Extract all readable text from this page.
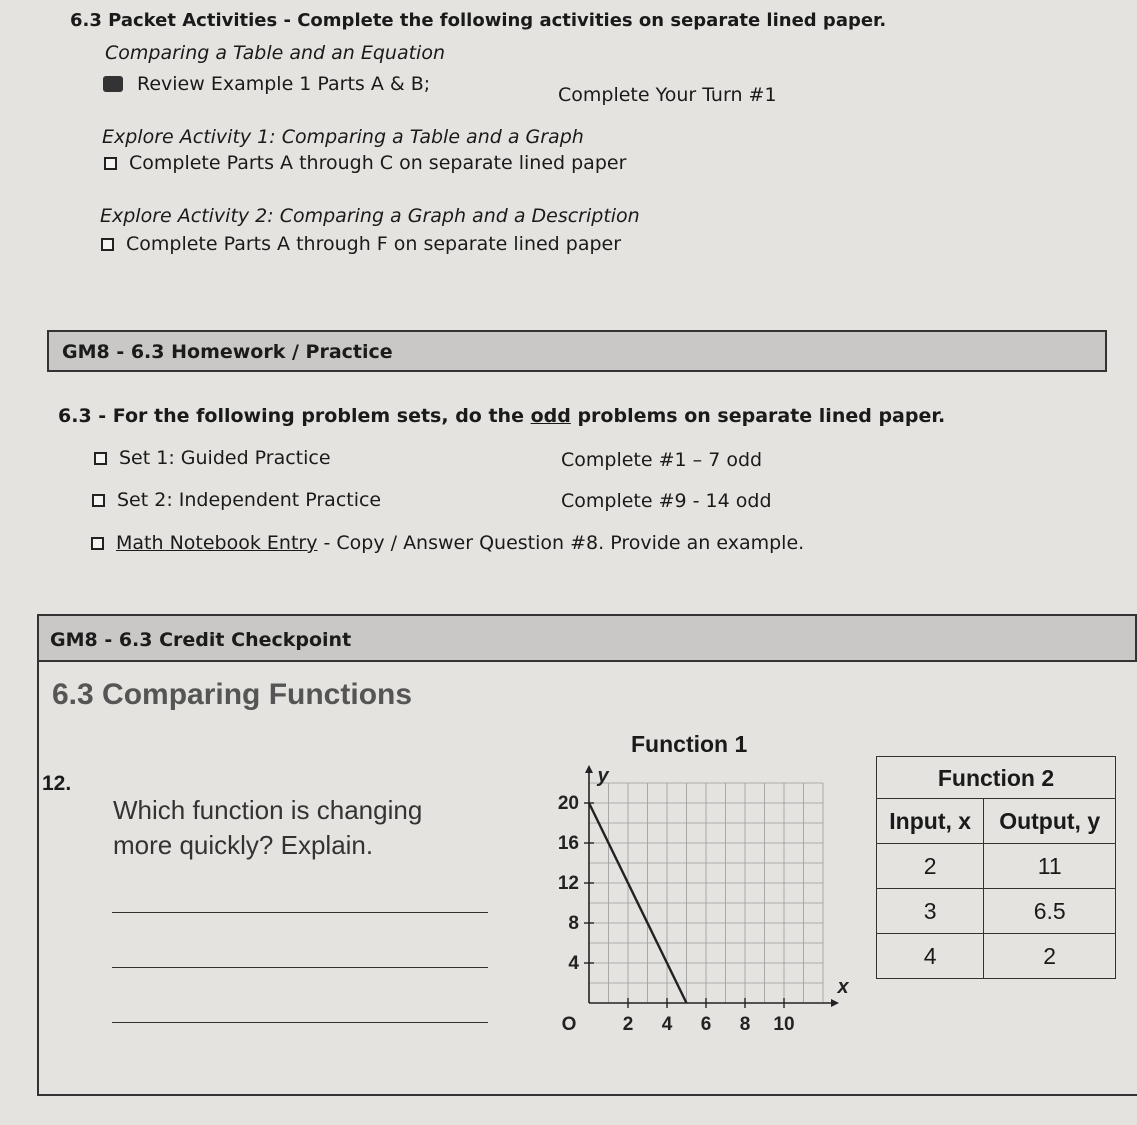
6.3 Packet Activities - Complete the following activities on separate lined paper.
Comparing a Table and an Equation
Review Example 1 Parts A & B;	Complete Your Turn #1
Explore Activity 1: Comparing a Table and a Graph
Complete Parts A through C on separate lined paper
Explore Activity 2: Comparing a Graph and a Description
Complete Parts A through F on separate lined paper
GM8 - 6.3 Homework / Practice
6.3 - For the following problem sets, do the odd problems on separate lined paper.
Set 1: Guided Practice	Complete #1 – 7 odd
Set 2: Independent Practice	Complete #9 - 14 odd
Math Notebook Entry - Copy / Answer Question #8. Provide an example.
GM8 - 6.3 Credit Checkpoint
6.3 Comparing Functions
12.
Which function is changing
more quickly? Explain.
Function 1
2 4 6 8 10
4
8
12
16
20
O
x
y	Function 2
Input, x	Output, y
2	11
3	6.5
4	2
